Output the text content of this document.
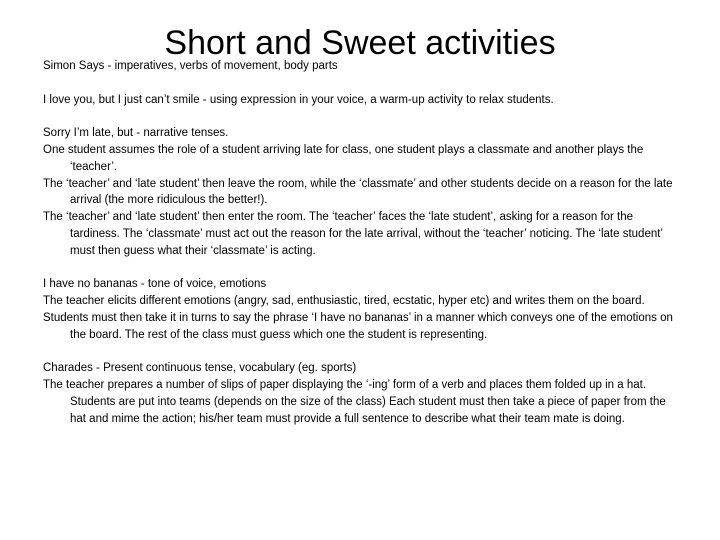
Short and Sweet activities

Simon Says - imperatives, verbs of movement, body parts

I love you, but I just can’t smile - using expression in your voice, a warm-up activity to relax students.

Sorry I’m late, but - narrative tenses.

One student assumes the role of a student arriving late for class, one student plays a classmate and another plays the ‘teacher’.

The ‘teacher’ and ‘late student’ then leave the room, while the ‘classmate’ and other students decide on a reason for the late arrival (the more ridiculous the better!).

The ‘teacher’ and ‘late student’ then enter the room. The ‘teacher’ faces the ‘late student’, asking for a reason for the tardiness. The ‘classmate’ must act out the reason for the late arrival, without the ‘teacher’ noticing. The ‘late student’ must then guess what their ‘classmate’ is acting.

I have no bananas - tone of voice, emotions

The teacher elicits different emotions (angry, sad, enthusiastic, tired, ecstatic, hyper etc) and writes them on the board.

Students must then take it in turns to say the phrase ‘I have no bananas’ in a manner which conveys one of the emotions on the board. The rest of the class must guess which one the student is representing.

Charades - Present continuous tense, vocabulary (eg. sports)

The teacher prepares a number of slips of paper displaying the ‘-ing’ form of a verb and places them folded up in a hat. Students are put into teams (depends on the size of the class) Each student must then take a piece of paper from the hat and mime the action; his/her team must provide a full sentence to describe what their team mate is doing.
